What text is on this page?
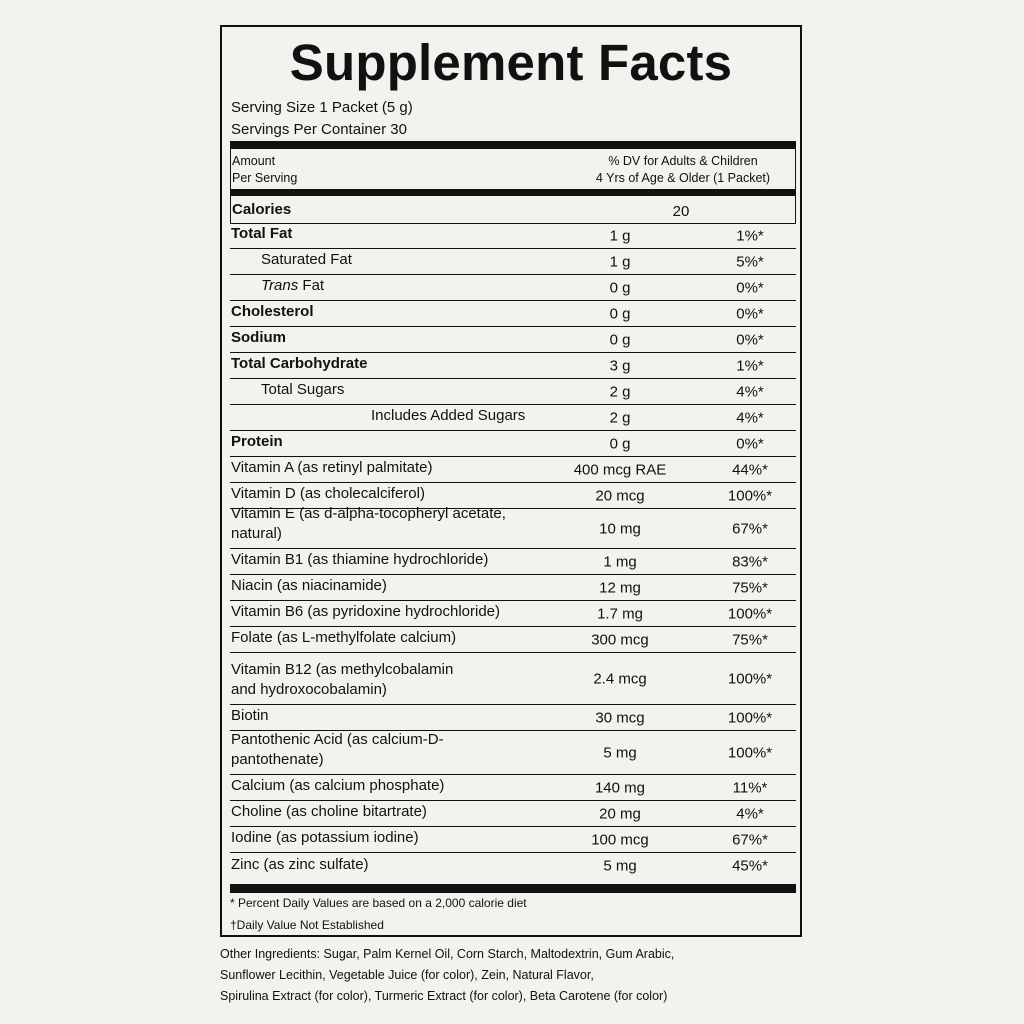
Supplement Facts
Serving Size 1 Packet (5 g)
Servings Per Container 30
Amount
Per Serving
% DV for Adults & Children
4 Yrs of Age & Older (1 Packet)
Calories	20
Total Fat	1 g	1%*
Saturated Fat	1 g	5%*
Trans Fat	0 g	0%*
Cholesterol	0 g	0%*
Sodium	0 g	0%*
Total Carbohydrate	3 g	1%*
Total Sugars	2 g	4%*
Includes Added Sugars	2 g	4%*
Protein	0 g	0%*
Vitamin A (as retinyl palmitate)	400 mcg RAE	44%*
Vitamin D (as cholecalciferol)	20 mcg	100%*
Vitamin E (as d-alpha-tocopheryl acetate,
natural)	10 mg	67%*
Vitamin B1 (as thiamine hydrochloride)	1 mg	83%*
Niacin (as niacinamide)	12 mg	75%*
Vitamin B6 (as pyridoxine hydrochloride)	1.7 mg	100%*
Folate (as L-methylfolate calcium)	300 mcg	75%*
Vitamin B12 (as methylcobalamin
and hydroxocobalamin)
2.4 mcg	100%*
Biotin	30 mcg	100%*
Pantothenic Acid (as calcium-D-
pantothenate)	5 mg	100%*
Calcium (as calcium phosphate)	140 mg	11%*
Choline (as choline bitartrate)	20 mg	4%*
Iodine (as potassium iodine)	100 mcg	67%*
Zinc (as zinc sulfate)	5 mg	45%*
* Percent Daily Values are based on a 2,000 calorie diet
†Daily Value Not Established
Other Ingredients: Sugar, Palm Kernel Oil, Corn Starch, Maltodextrin, Gum Arabic,
Sunflower Lecithin, Vegetable Juice (for color), Zein, Natural Flavor,
Spirulina Extract (for color), Turmeric Extract (for color), Beta Carotene (for color)
